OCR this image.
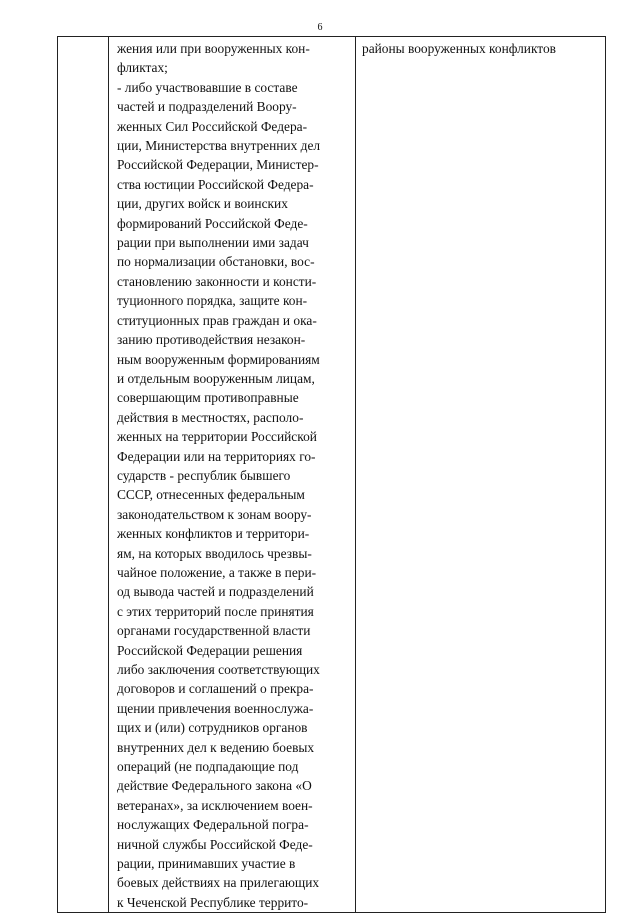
6

жения или при вооруженных кон-
фликтах;
- либо участвовавшие в составе
частей и подразделений Воору-
женных Сил Российской Федера-
ции, Министерства внутренних дел
Российской Федерации, Министер-
ства юстиции Российской Федера-
ции, других войск и воинских
формирований Российской Феде-
рации при выполнении ими задач
по нормализации обстановки, вос-
становлению законности и консти-
туционного порядка, защите кон-
ституционных прав граждан и ока-
занию противодействия незакон-
ным вооруженным формированиям
и отдельным вооруженным лицам,
совершающим противоправные
действия в местностях, располо-
женных на территории Российской
Федерации или на территориях го-
сударств - республик бывшего
СССР, отнесенных федеральным
законодательством к зонам воору-
женных конфликтов и территори-
ям, на которых вводилось чрезвы-
чайное положение, а также в пери-
од вывода частей и подразделений
с этих территорий после принятия
органами государственной власти
Российской Федерации решения
либо заключения соответствующих
договоров и соглашений о прекра-
щении привлечения военнослужа-
щих и (или) сотрудников органов
внутренних дел к ведению боевых
операций (не подпадающие под
действие Федерального закона «О
ветеранах», за исключением воен-
нослужащих Федеральной погра-
ничной службы Российской Феде-
рации, принимавших участие в
боевых действиях на прилегающих
к Чеченской Республике террито-

районы вооруженных конфликтов
